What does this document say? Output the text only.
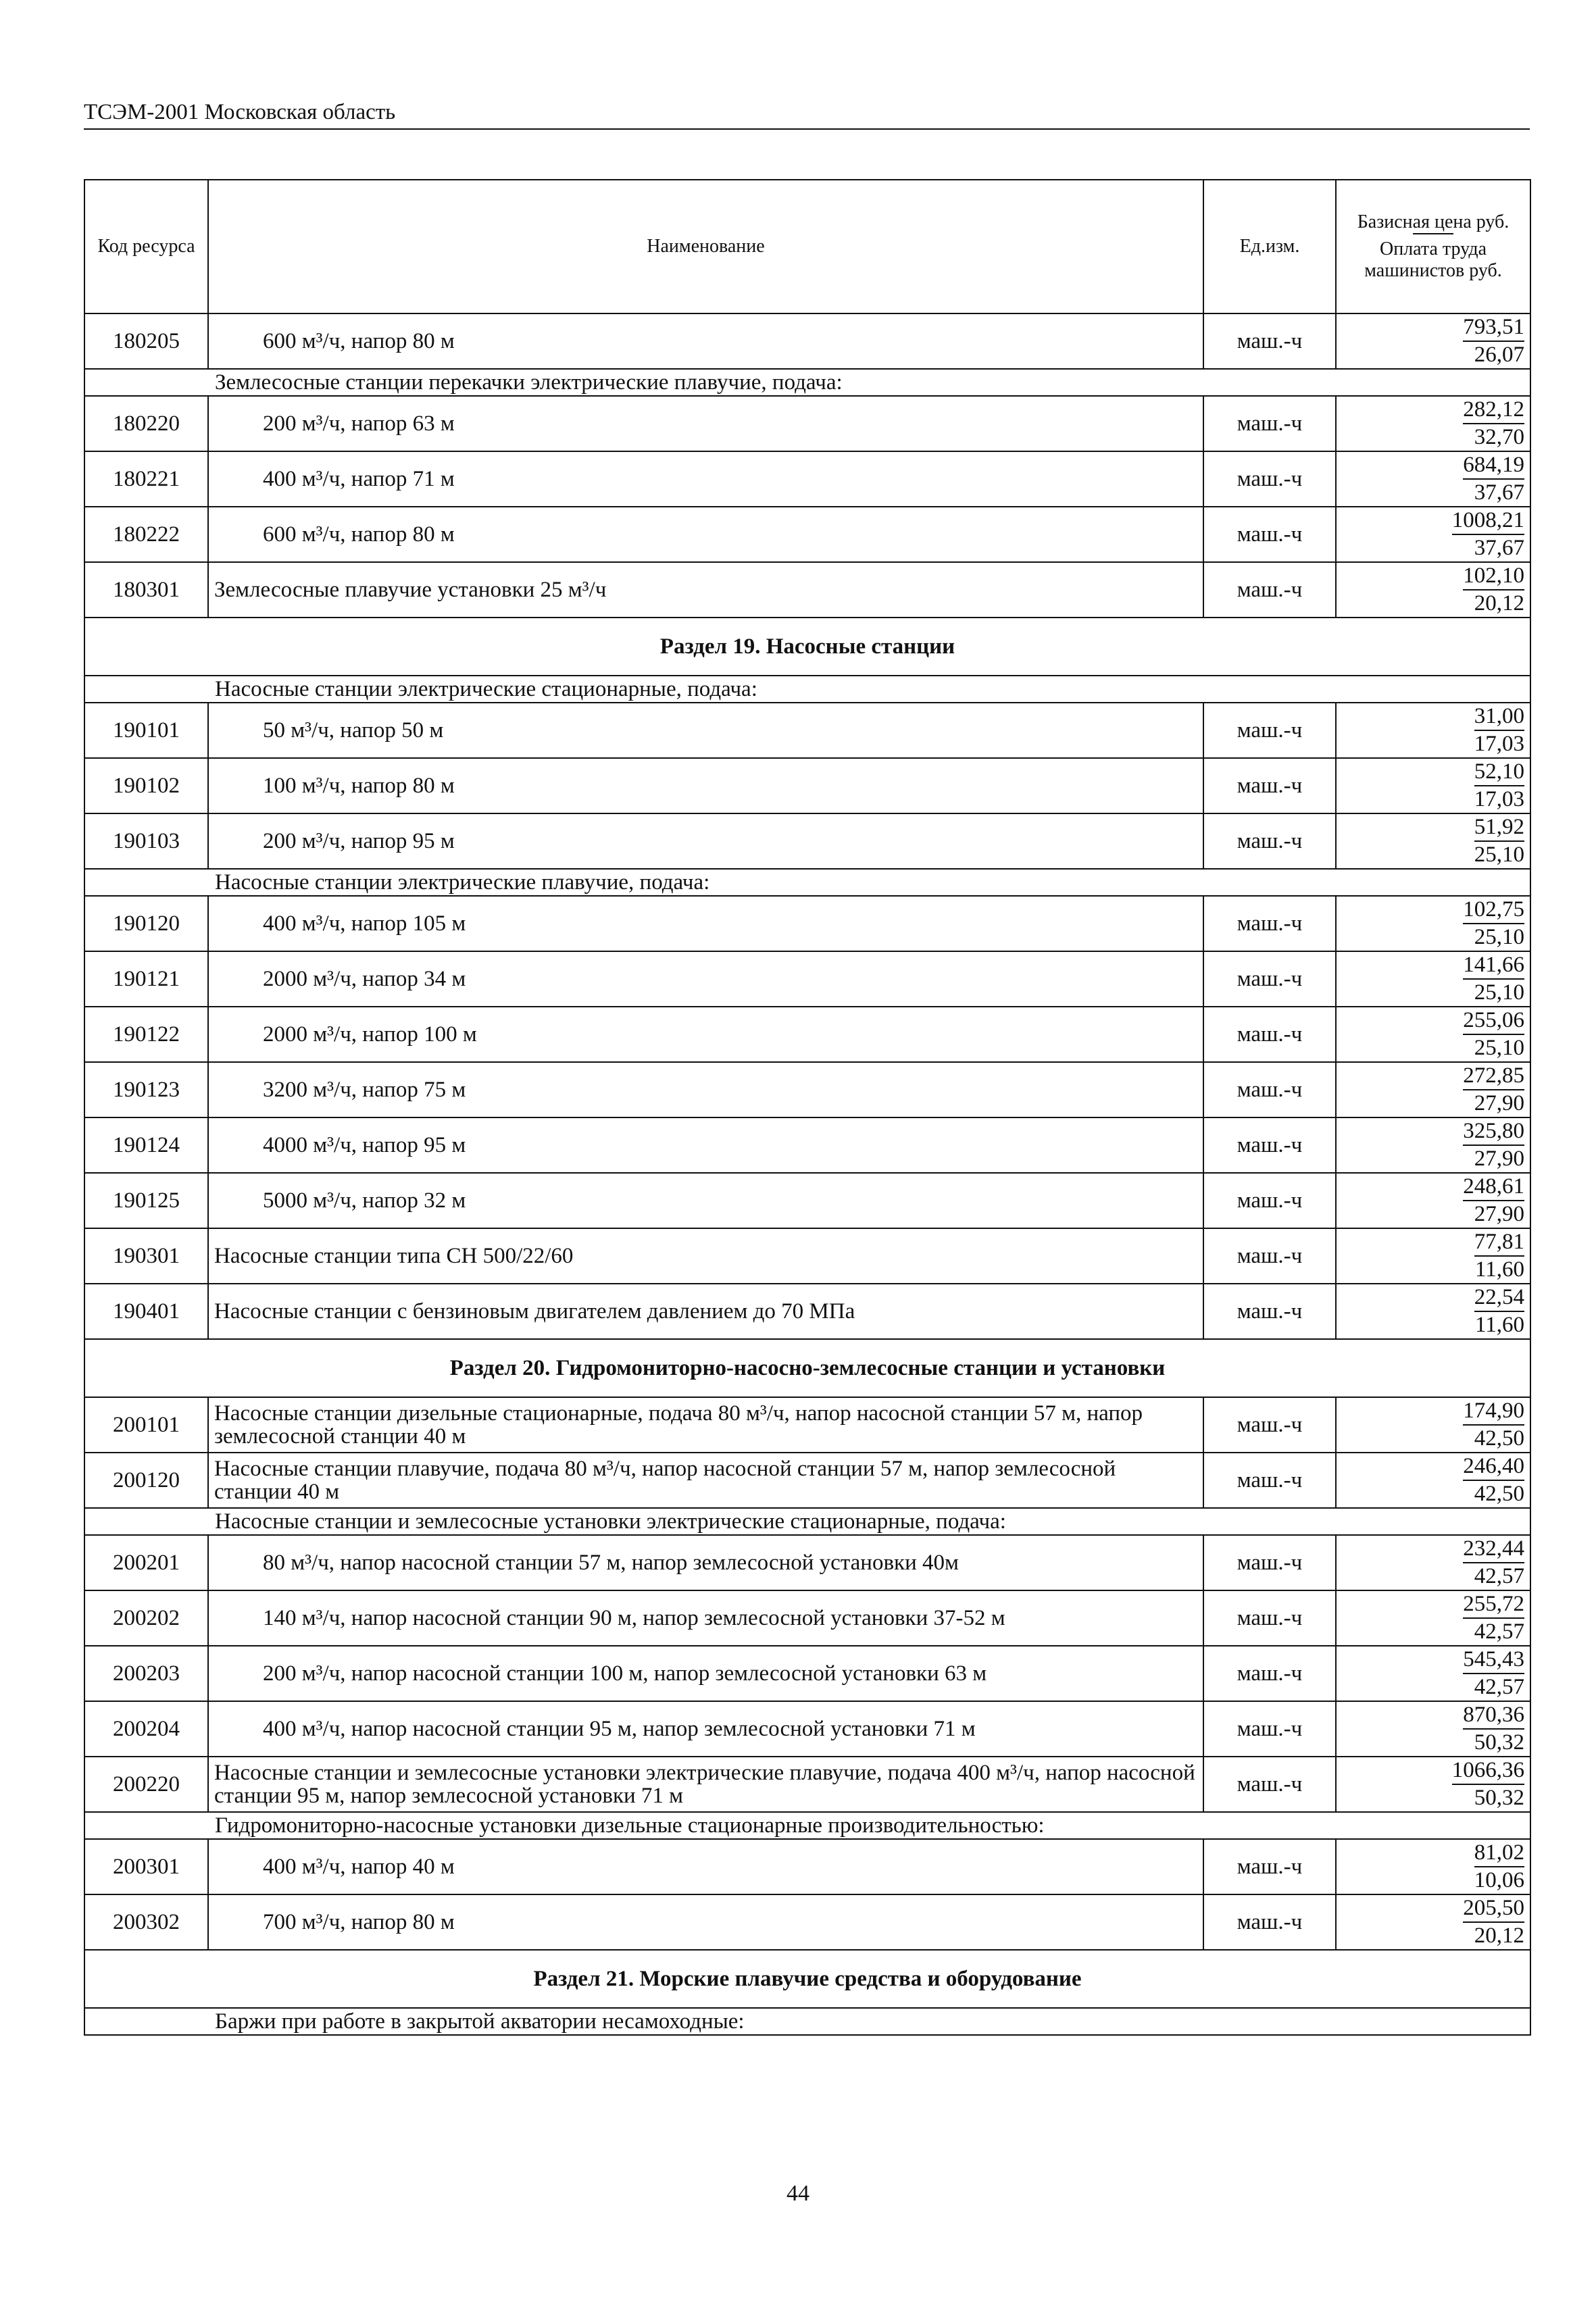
ТСЭМ-2001 Московская область
Код ресурса	Наименование	Ед.изм.	Базисная цена руб.
Оплата труда машинистов руб.

180205	600 м³/ч, напор 80 м	маш.-ч	$\frac{793,51}{26,07}$

	Землесосные станции перекачки электрические плавучие, подача:		
180220	200 м³/ч, напор 63 м	маш.-ч	$\frac{282,12}{32,70}$

180221	400 м³/ч, напор 71 м	маш.-ч	$\frac{684,19}{37,67}$

180222	600 м³/ч, напор 80 м	маш.-ч	$\frac{1008,21}{37,67}$

180301	Землесосные плавучие установки 25 м³/ч	маш.-ч	$\frac{102,10}{20,12}$

Раздел 19. Насосные станции			
	Насосные станции электрические стационарные, подача:		
190101	50 м³/ч, напор 50 м	маш.-ч	$\frac{31,00}{17,03}$

190102	100 м³/ч, напор 80 м	маш.-ч	$\frac{52,10}{17,03}$

190103	200 м³/ч, напор 95 м	маш.-ч	$\frac{51,92}{25,10}$

	Насосные станции электрические плавучие, подача:		
190120	400 м³/ч, напор 105 м	маш.-ч	$\frac{102,75}{25,10}$

190121	2000 м³/ч, напор 34 м	маш.-ч	$\frac{141,66}{25,10}$

190122	2000 м³/ч, напор 100 м	маш.-ч	$\frac{255,06}{25,10}$

190123	3200 м³/ч, напор 75 м	маш.-ч	$\frac{272,85}{27,90}$

190124	4000 м³/ч, напор 95 м	маш.-ч	$\frac{325,80}{27,90}$

190125	5000 м³/ч, напор 32 м	маш.-ч	$\frac{248,61}{27,90}$

190301	Насосные станции типа СН 500/22/60	маш.-ч	$\frac{77,81}{11,60}$

190401	Насосные станции с бензиновым двигателем давлением до 70 МПа	маш.-ч	$\frac{22,54}{11,60}$

Раздел 20. Гидромониторно-насосно-землесосные станции и установки			
200101	Насосные станции дизельные стационарные, подача 80 м³/ч, напор насосной станции 57 м, напор землесосной станции 40 м	маш.-ч	$\frac{174,90}{42,50}$

200120	Насосные станции плавучие, подача 80 м³/ч, напор насосной станции 57 м, напор землесосной станции 40 м	маш.-ч	$\frac{246,40}{42,50}$

	Насосные станции и землесосные установки электрические стационарные, подача:		
200201	80 м³/ч, напор насосной станции 57 м, напор землесосной установки 40м	маш.-ч	$\frac{232,44}{42,57}$

200202	140 м³/ч, напор насосной станции 90 м, напор землесосной установки 37-52 м	маш.-ч	$\frac{255,72}{42,57}$

200203	200 м³/ч, напор насосной станции 100 м, напор землесосной установки 63 м	маш.-ч	$\frac{545,43}{42,57}$

200204	400 м³/ч, напор насосной станции 95 м, напор землесосной установки 71 м	маш.-ч	$\frac{870,36}{50,32}$

200220	Насосные станции и землесосные установки электрические плавучие, подача 400 м³/ч, напор насосной станции 95 м, напор землесосной установки 71 м	маш.-ч	$\frac{1066,36}{50,32}$

	Гидромониторно-насосные установки дизельные стационарные производительностью:		
200301	400 м³/ч, напор 40 м	маш.-ч	$\frac{81,02}{10,06}$

200302	700 м³/ч, напор 80 м	маш.-ч	$\frac{205,50}{20,12}$

Раздел 21. Морские плавучие средства и оборудование			
	Баржи при работе в закрытой акватории несамоходные:		
44
